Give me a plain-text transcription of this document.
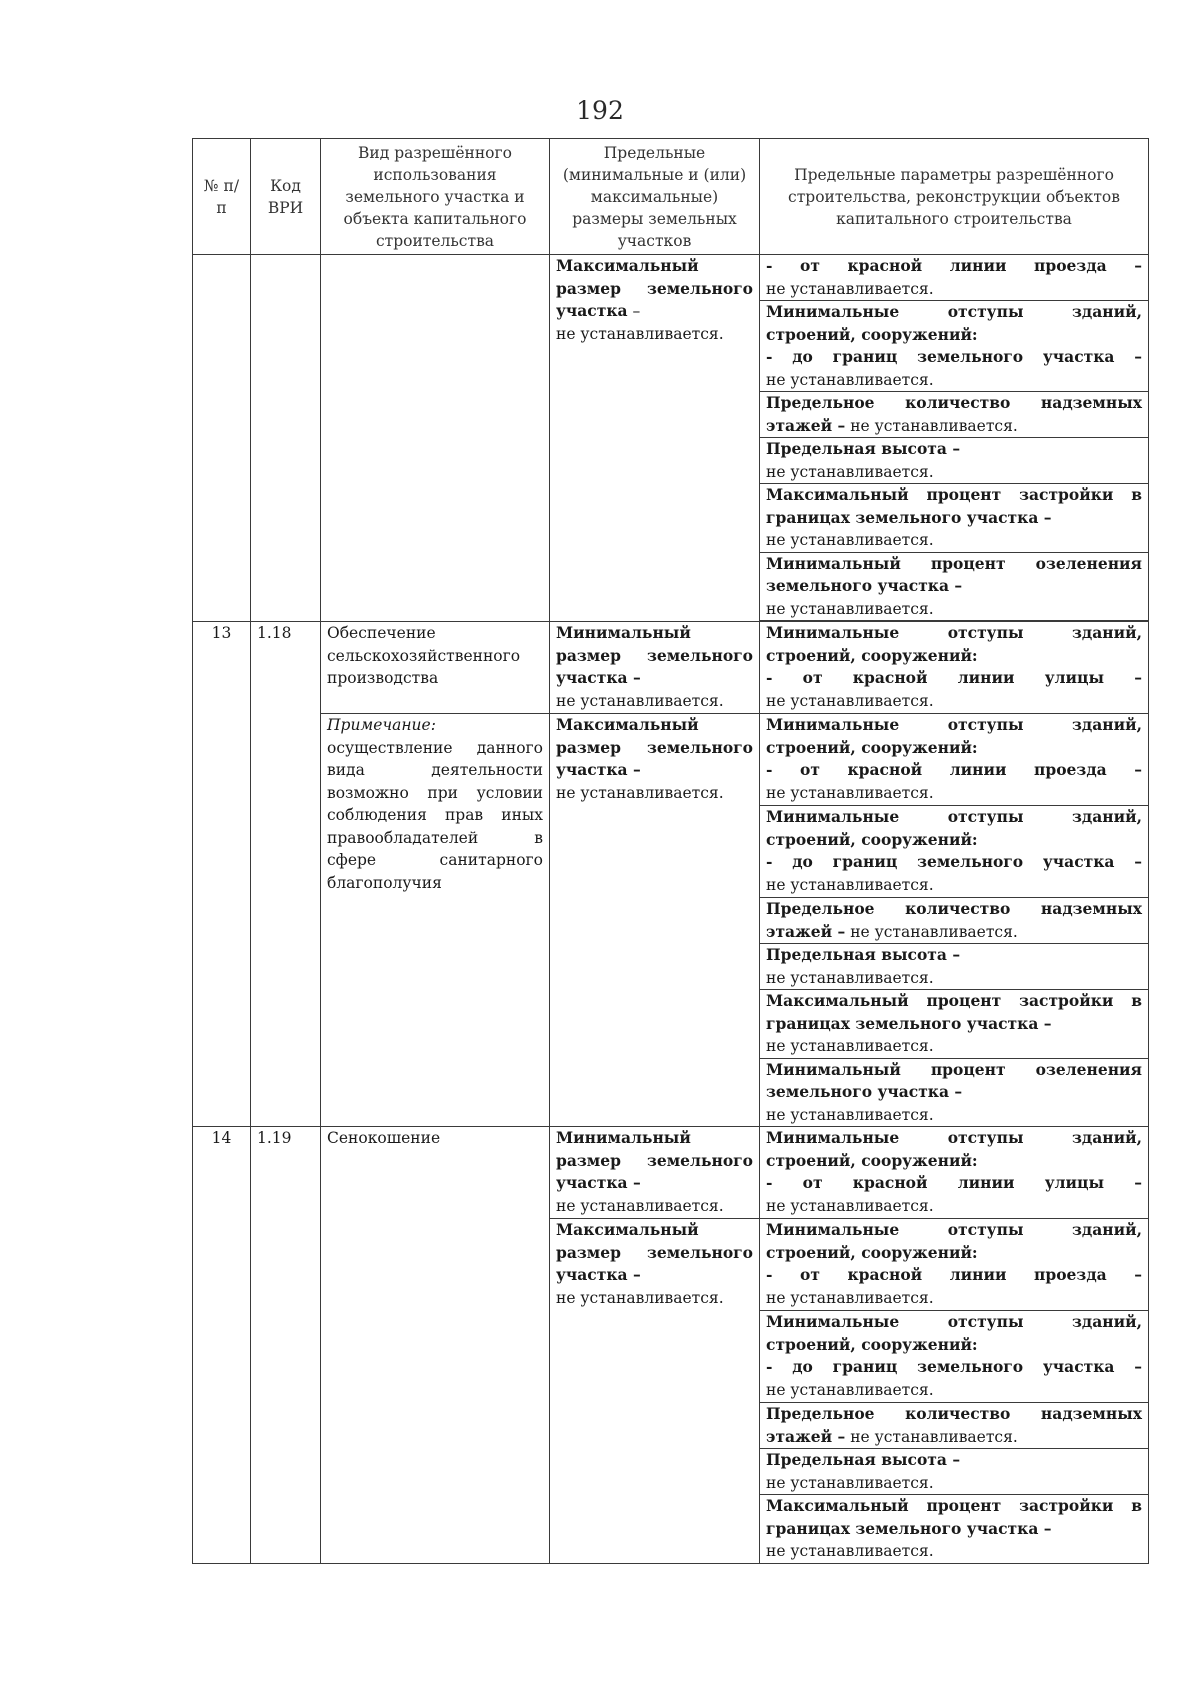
192
№ п/п	Код ВРИ	Вид разрешённого использования земельного участка и объекта капитального строительства	Предельные (минимальные и (или) максимальные) размеры земельных участков	Предельные параметры разрешённого строительства, реконструкции объектов капитального строительства
			Максимальный размер земельного участка –
не устанавливается.	- от красной линии проезда –
не устанавливается.

				Минимальные отступы зданий, строений, сооружений:
- до границ земельного участка –
не устанавливается.

				Предельное количество надземных этажей – не устанавливается.

				Предельная высота –
не устанавливается.

				Максимальный процент застройки в границах земельного участка –
не устанавливается.

				Минимальный процент озеленения земельного участка –
не устанавливается.

13	1.18	Обеспечение сельскохозяйственного производства	Минимальный размер земельного участка –
не устанавливается.	Минимальные отступы зданий, строений, сооружений:
- от красной линии улицы –
не устанавливается.

		Примечание:
осуществление данного вида деятельности возможно при условии соблюдения прав иных правообладателей в сфере санитарного благополучия	Максимальный размер земельного участка –
не устанавливается.	Минимальные отступы зданий, строений, сооружений:
- от красной линии проезда –
не устанавливается.

				Минимальные отступы зданий, строений, сооружений:
- до границ земельного участка –
не устанавливается.

				Предельное количество надземных этажей – не устанавливается.

				Предельная высота –
не устанавливается.

				Максимальный процент застройки в границах земельного участка –
не устанавливается.

				Минимальный процент озеленения земельного участка –
не устанавливается.

14	1.19	Сенокошение	Минимальный размер земельного участка –
не устанавливается.	Минимальные отступы зданий, строений, сооружений:
- от красной линии улицы –
не устанавливается.

			Максимальный размер земельного участка –
не устанавливается.	Минимальные отступы зданий, строений, сооружений:
- от красной линии проезда –
не устанавливается.

				Минимальные отступы зданий, строений, сооружений:
- до границ земельного участка –
не устанавливается.

				Предельное количество надземных этажей – не устанавливается.

				Предельная высота –
не устанавливается.

				Максимальный процент застройки в границах земельного участка –
не устанавливается.
